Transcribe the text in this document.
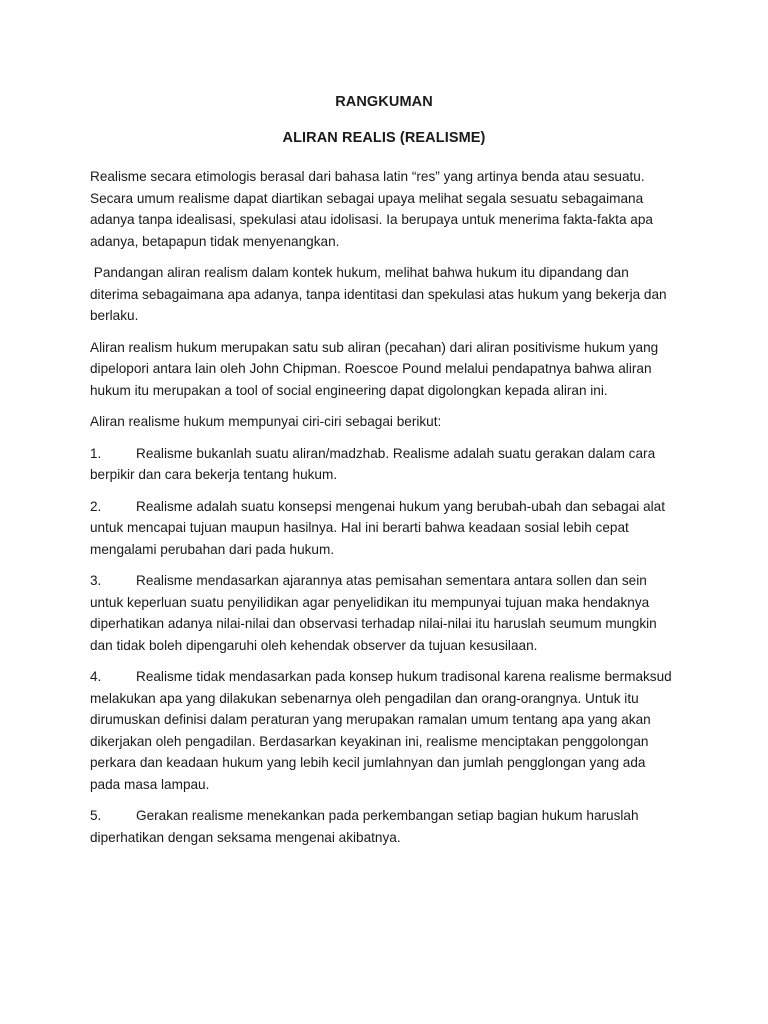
RANGKUMAN
ALIRAN REALIS (REALISME)

Realisme secara etimologis berasal dari bahasa latin “res” yang artinya benda atau sesuatu. Secara umum realisme dapat diartikan sebagai upaya melihat segala sesuatu sebagaimana adanya tanpa idealisasi, spekulasi atau idolisasi. Ia berupaya untuk menerima fakta-fakta apa adanya, betapapun tidak menyenangkan.

Pandangan aliran realism dalam kontek hukum, melihat bahwa hukum itu dipandang dan diterima sebagaimana apa adanya, tanpa identitasi dan spekulasi atas hukum yang bekerja dan berlaku.

Aliran realism hukum merupakan satu sub aliran (pecahan) dari aliran positivisme hukum yang dipelopori antara lain oleh John Chipman. Roescoe Pound melalui pendapatnya bahwa aliran hukum itu merupakan a tool of social engineering dapat digolongkan kepada aliran ini.

Aliran realisme hukum mempunyai ciri-ciri sebagai berikut:

1.	Realisme bukanlah suatu aliran/madzhab. Realisme adalah suatu gerakan dalam cara berpikir dan cara bekerja tentang hukum.
2.	Realisme adalah suatu konsepsi mengenai hukum yang berubah-ubah dan sebagai alat untuk mencapai tujuan maupun hasilnya. Hal ini berarti bahwa keadaan sosial lebih cepat mengalami perubahan dari pada hukum.
3.	Realisme mendasarkan ajarannya atas pemisahan sementara antara sollen dan sein untuk keperluan suatu penyilidikan agar penyelidikan itu mempunyai tujuan maka hendaknya diperhatikan adanya nilai-nilai dan observasi terhadap nilai-nilai itu haruslah seumum mungkin dan tidak boleh dipengaruhi oleh kehendak observer da tujuan kesusilaan.
4.	Realisme tidak mendasarkan pada konsep hukum tradisonal karena realisme bermaksud melakukan apa yang dilakukan sebenarnya oleh pengadilan dan orang-orangnya. Untuk itu dirumuskan definisi dalam peraturan yang merupakan ramalan umum tentang apa yang akan dikerjakan oleh pengadilan. Berdasarkan keyakinan ini, realisme menciptakan penggolongan perkara dan keadaan hukum yang lebih kecil jumlahnyan dan jumlah pengglongan yang ada pada masa lampau.
5.	Gerakan realisme menekankan pada perkembangan setiap bagian hukum haruslah diperhatikan dengan seksama mengenai akibatnya.
